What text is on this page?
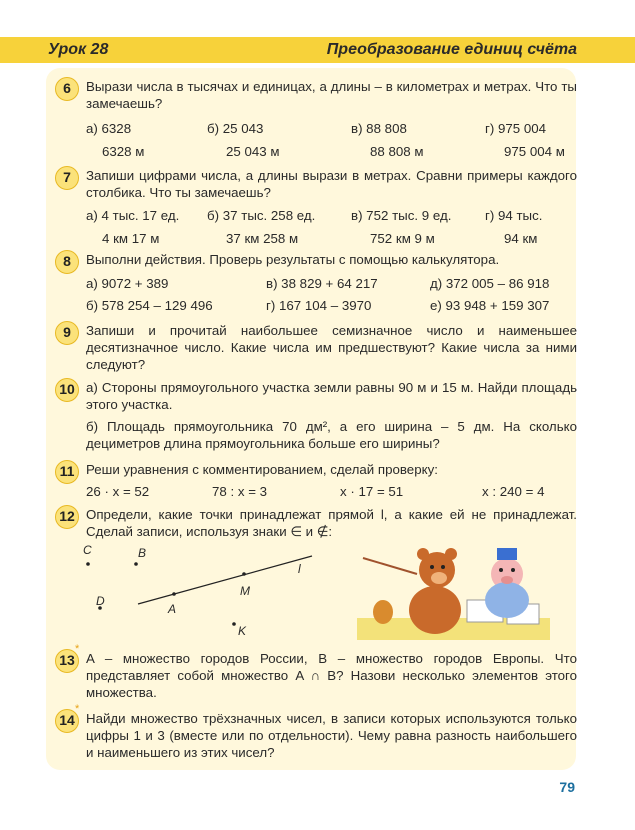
Урок 28	Преобразование единиц счёта
6	Вырази числа в тысячах и единицах, а длины – в километрах и метрах. Что ты замечаешь?
а) 6328	б) 25 043	в) 88 808	г) 975 004
6328 м	25 043 м	88 808 м	975 004 м
7	Запиши цифрами числа, а длины вырази в метрах. Сравни примеры каждого столбика. Что ты замечаешь?
а) 4 тыс. 17 ед. б) 37 тыс. 258 ед.	в) 752 тыс. 9 ед.	г) 94 тыс.
4 км 17 м	37 км 258 м	752 км 9 м	94 км
8	Выполни действия. Проверь результаты с помощью калькулятора.
а) 9072 + 389	в) 38 829 + 64 217	д) 372 005 – 86 918
б) 578 254 – 129 496	г) 167 104 – 3970	е) 93 948 + 159 307
9	Запиши и прочитай наибольшее семизначное число и наименьшее десятизначное число. Какие числа им предшествуют? Какие числа за ними следуют?
10 а) Стороны прямоугольного участка земли равны 90 м и 15 м. Найди площадь этого участка.
б) Площадь прямоугольника 70 дм², а его ширина – 5 дм. На сколько дециметров длина прямоугольника больше его ширины?
11 Реши уравнения с комментированием, сделай проверку:
26 · x = 52	78 : x = 3	x · 17 = 51	x : 240 = 4
12 Определи, какие точки принадлежат прямой l, а какие ей не принадлежат. Сделай записи, используя знаки ∈ и ∉:
C	B
D
A
M
K
l
13
*
A – множество городов России, B – множество городов Европы. Что представляет собой множество A ∩ B? Назови несколько элементов этого множества.
14
*
Найди множество трёхзначных чисел, в записи которых используются только цифры 1 и 3 (вместе или по отдельности). Чему равна разность наибольшего и наименьшего из этих чисел?
79
